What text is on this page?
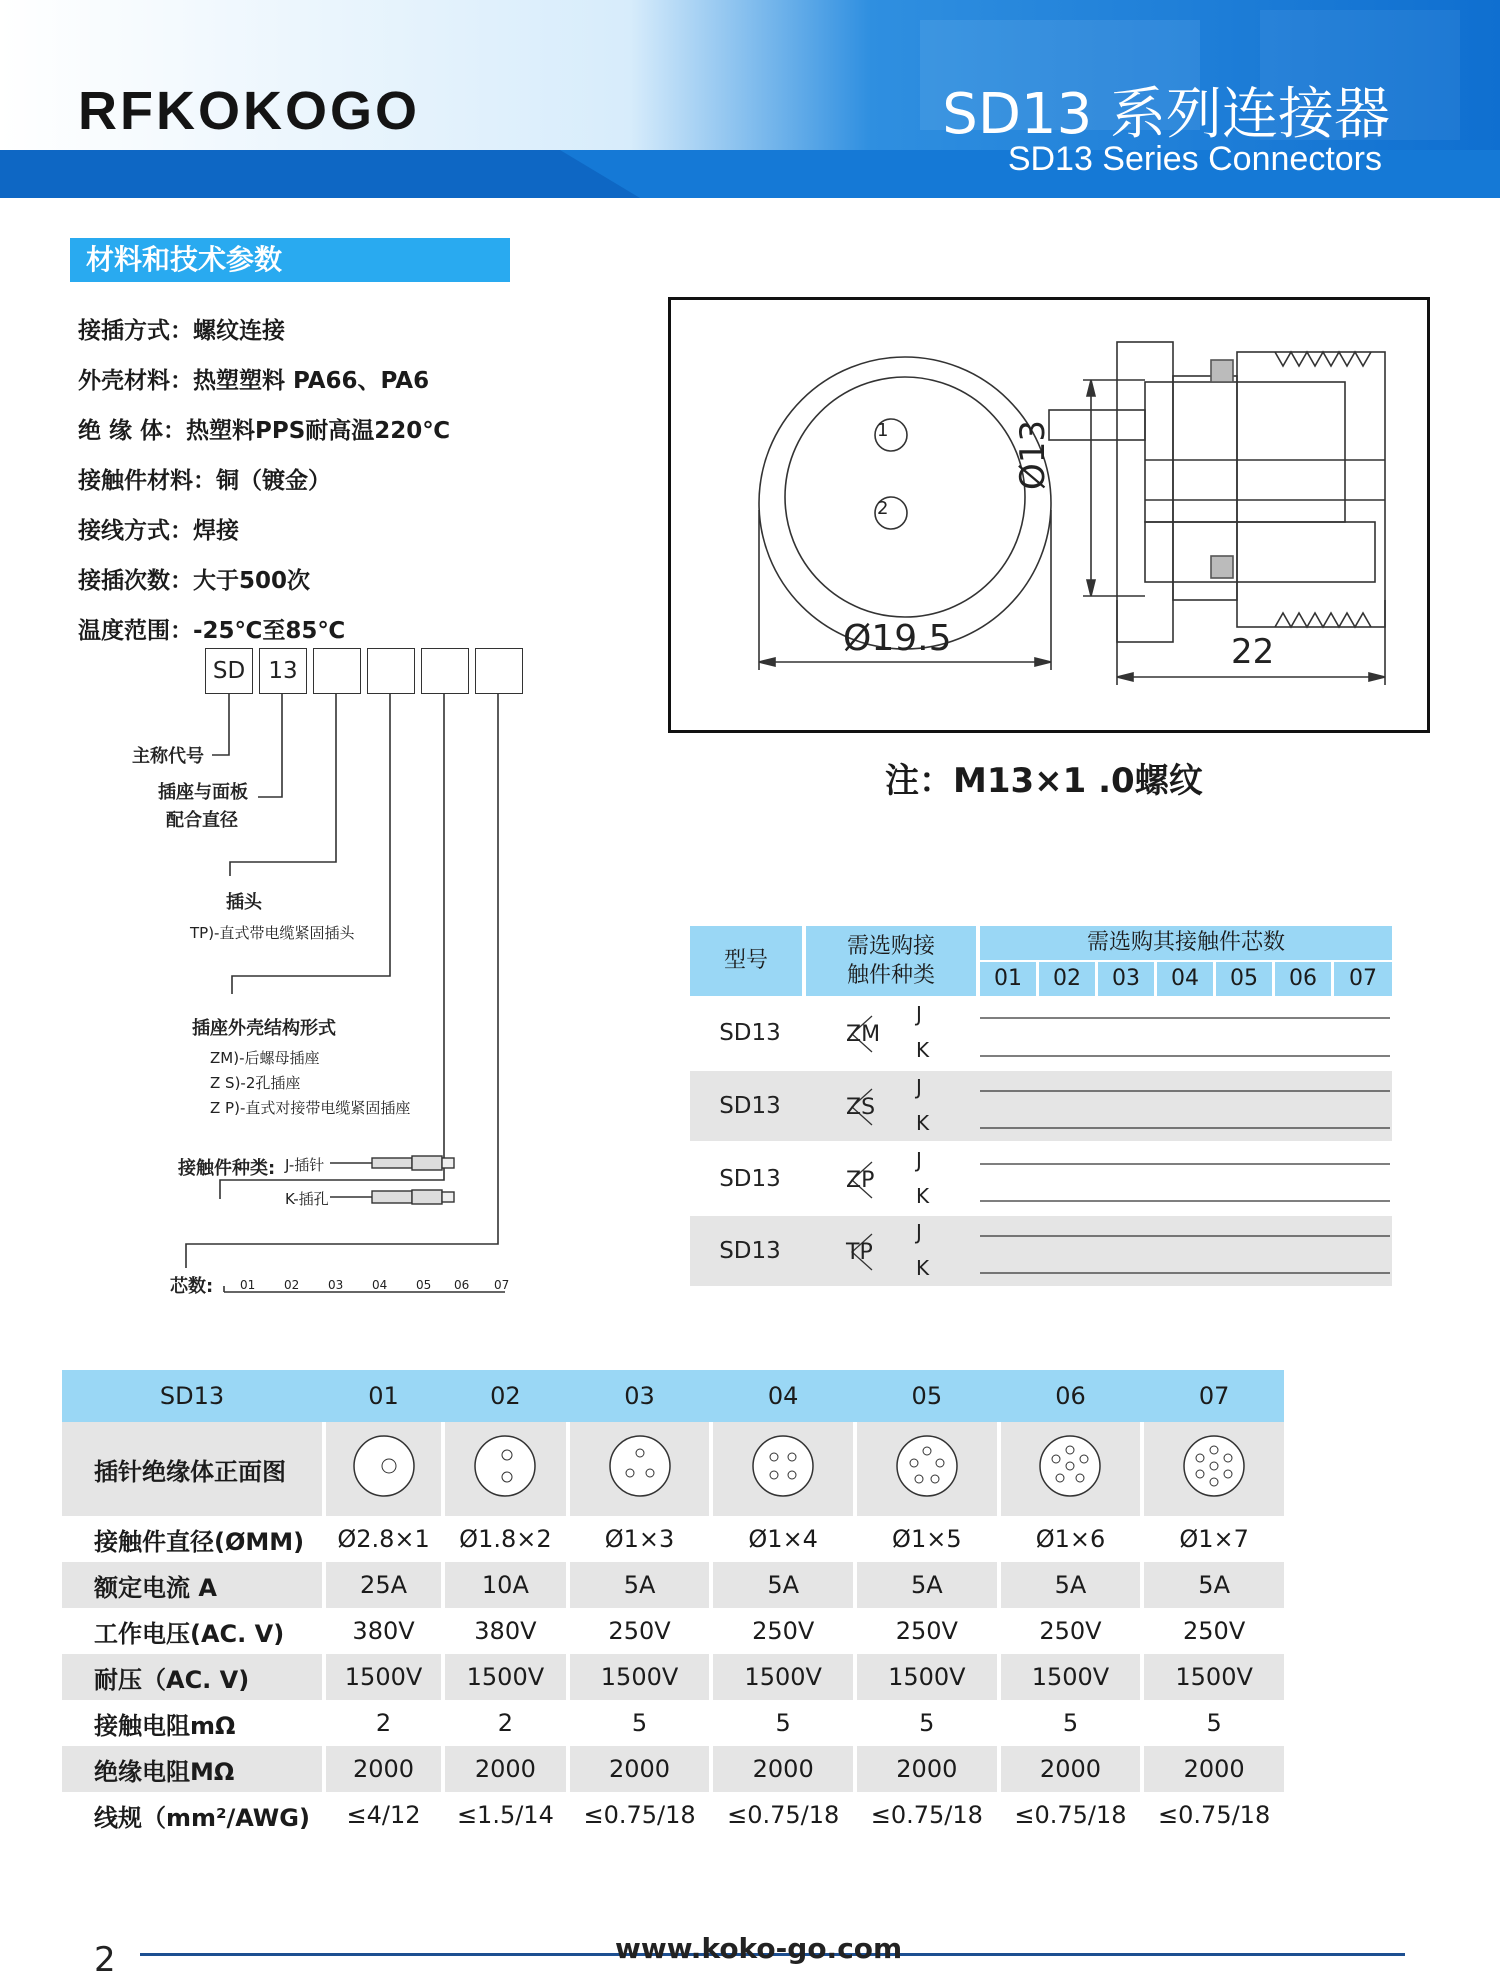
RFKOKOGO	SD13 系列连接器
SD13 Series Connectors
材料和技术参数
接插方式：螺纹连接
外壳材料：热塑塑料 PA66、PA6
绝 缘 体：热塑料PPS耐高温220℃
接触件材料：铜（镀金）
接线方式：焊接
接插次数：大于500次
温度范围：-25℃至85℃
SD	13
主称代号
插座与面板
配合直径
插头
TP)-直式带电缆紧固插头
插座外壳结构形式
ZM)-后螺母插座
Z S)-2孔插座
Z P)-直式对接带电缆紧固插座
接触件种类: J-插针
K-插孔
芯数: 01 02 03 04 05 06 07
1
2
Ø19.5
Ø13
22
注：M13×1 .0螺纹
型号
需选购接
触件种类
需选购其接触件芯数
01	02	03	04	05	06	07
SD13	ZM
J
K
SD13	ZS
J
K
SD13	ZP
J
K
SD13	TP
J
K
SD13		01		02		03		04		05		06		07
插针绝缘体正面图														
接触件直径(ØMM)		Ø2.8×1		Ø1.8×2		Ø1×3		Ø1×4		Ø1×5		Ø1×6		Ø1×7
额定电流 A		25A		10A		5A		5A		5A		5A		5A
工作电压(AC. V)		380V		380V		250V		250V		250V		250V		250V
耐压（AC. V)		1500V		1500V		1500V		1500V		1500V		1500V		1500V
接触电阻mΩ		2		2		5		5		5		5		5
绝缘电阻MΩ		2000		2000		2000		2000		2000		2000		2000
线规（mm²/AWG)		≤4/12		≤1.5/14		≤0.75/18		≤0.75/18		≤0.75/18		≤0.75/18		≤0.75/18
2	www.koko-go.com
